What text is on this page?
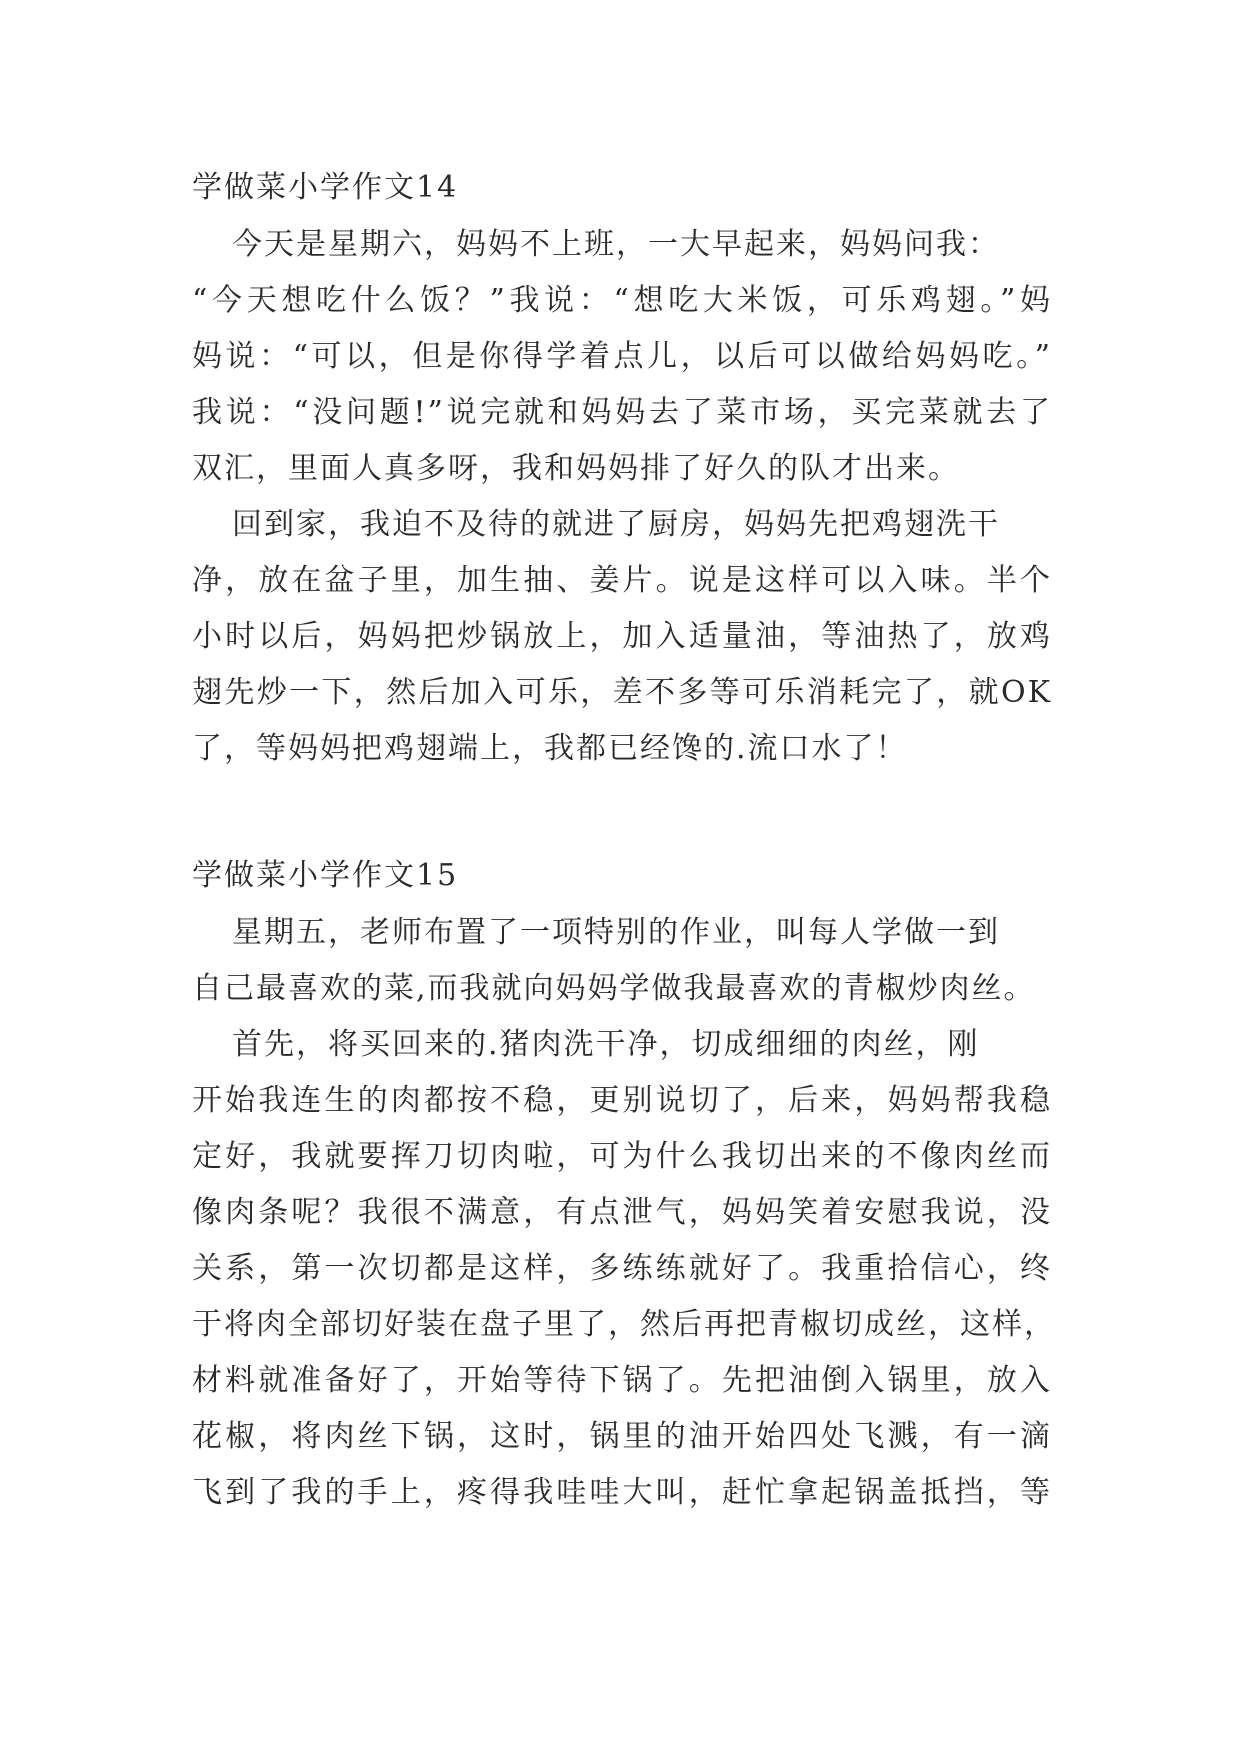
学做菜小学作文14
今天是星期六，妈妈不上班，一大早起来，妈妈问我：
“今天想吃什么饭？”我说：“想吃大米饭，可乐鸡翅。”妈
妈说：“可以，但是你得学着点儿，以后可以做给妈妈吃。”
我说：“没问题!”说完就和妈妈去了菜市场，买完菜就去了
双汇，里面人真多呀，我和妈妈排了好久的队才出来。
回到家，我迫不及待的就进了厨房，妈妈先把鸡翅洗干
净，放在盆子里，加生抽、姜片。说是这样可以入味。半个
小时以后，妈妈把炒锅放上，加入适量油，等油热了，放鸡
翅先炒一下，然后加入可乐，差不多等可乐消耗完了，就OK
了，等妈妈把鸡翅端上，我都已经馋的.流口水了！
学做菜小学作文15
星期五，老师布置了一项特别的作业，叫每人学做一到
自己最喜欢的菜,而我就向妈妈学做我最喜欢的青椒炒肉丝。
首先，将买回来的.猪肉洗干净，切成细细的肉丝，刚
开始我连生的肉都按不稳，更别说切了，后来，妈妈帮我稳
定好，我就要挥刀切肉啦，可为什么我切出来的不像肉丝而
像肉条呢？我很不满意，有点泄气，妈妈笑着安慰我说，没
关系，第一次切都是这样，多练练就好了。我重拾信心，终
于将肉全部切好装在盘子里了，然后再把青椒切成丝，这样，
材料就准备好了，开始等待下锅了。先把油倒入锅里，放入
花椒，将肉丝下锅，这时，锅里的油开始四处飞溅，有一滴
飞到了我的手上，疼得我哇哇大叫，赶忙拿起锅盖抵挡，等
